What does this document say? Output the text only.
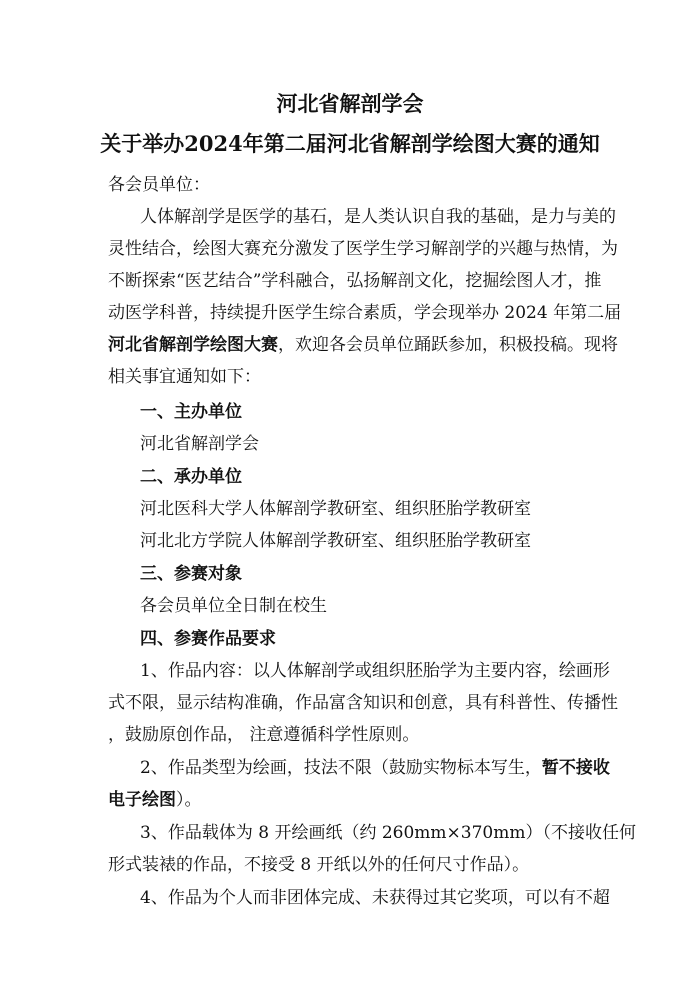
河北省解剖学会
关于举办2024年第二届河北省解剖学绘图大赛的通知
各会员单位：
人体解剖学是医学的基石，是人类认识自我的基础，是力与美的
灵性结合，绘图大赛充分激发了医学生学习解剖学的兴趣与热情，为
不断探索“医艺结合”学科融合，弘扬解剖文化，挖掘绘图人才，推
动医学科普，持续提升医学生综合素质，学会现举办 2024 年第二届
河北省解剖学绘图大赛，欢迎各会员单位踊跃参加，积极投稿。现将
相关事宜通知如下：
一、主办单位
河北省解剖学会
二、承办单位
河北医科大学人体解剖学教研室、组织胚胎学教研室
河北北方学院人体解剖学教研室、组织胚胎学教研室
三、参赛对象
各会员单位全日制在校生
四、参赛作品要求
1、作品内容：以人体解剖学或组织胚胎学为主要内容，绘画形
式不限，显示结构准确，作品富含知识和创意，具有科普性、传播性
，鼓励原创作品， 注意遵循科学性原则。
2、作品类型为绘画，技法不限（鼓励实物标本写生，暂不接收
电子绘图）。
3、作品载体为 8 开绘画纸（约 260mm×370mm）（不接收任何
形式装裱的作品，不接受 8 开纸以外的任何尺寸作品）。
4、作品为个人而非团体完成、未获得过其它奖项，可以有不超
